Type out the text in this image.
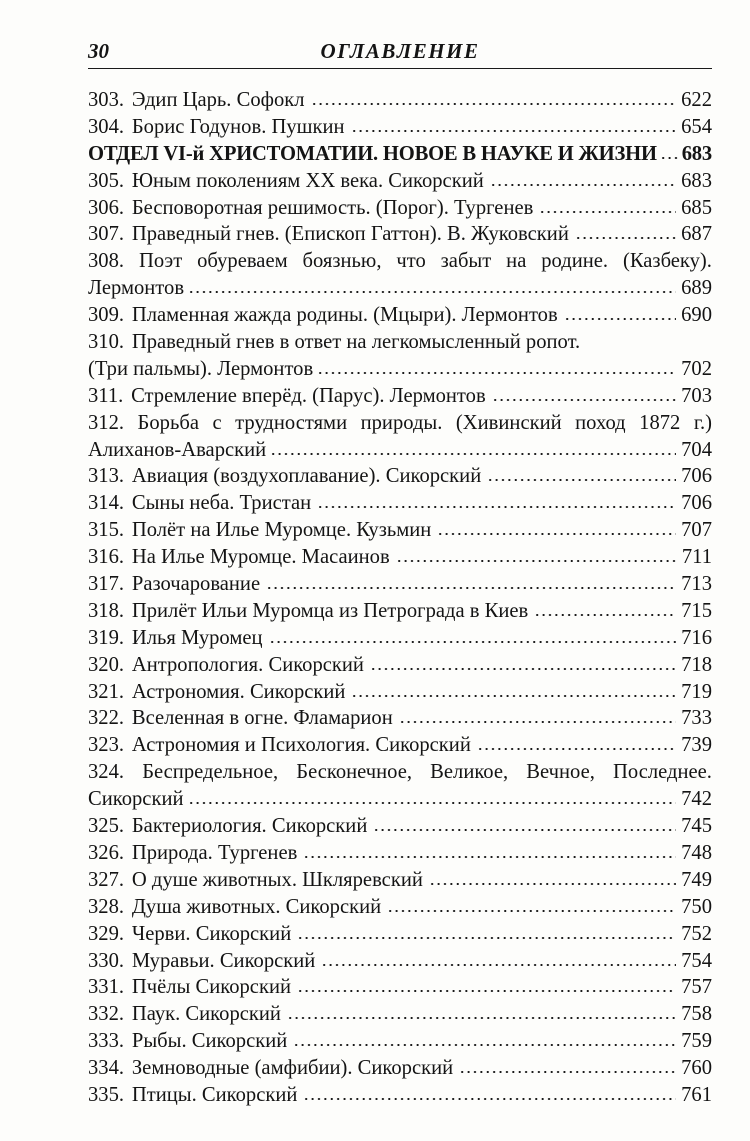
30	ОГЛАВЛЕНИЕ
303. Эдип Царь. Софокл	622
304. Борис Годунов. Пушкин	654
ОТДЕЛ VI-й ХРИСТОМАТИИ. НОВОЕ В НАУКЕ И ЖИЗНИ 683
305. Юным поколениям XX века. Сикорский	683
306. Бесповоротная решимость. (Порог). Тургенев	685
307. Праведный гнев. (Епископ Гаттон). В. Жуковский	687
308. Поэт обуреваем боязнью, что забыт на родине. (Казбеку).
Лермонтов	689
309. Пламенная жажда родины. (Мцыри). Лермонтов	690
310. Праведный гнев в ответ на легкомысленный ропот.
(Три пальмы). Лермонтов	702
311. Стремление вперёд. (Парус). Лермонтов	703
312. Борьба с трудностями природы. (Хивинский поход 1872 г.)
Алиханов-Аварский	704
313. Авиация (воздухоплавание). Сикорский	706
314. Сыны неба. Тристан	706
315. Полёт на Илье Муромце. Кузьмин	707
316. На Илье Муромце. Масаинов	711
317. Разочарование	713
318. Прилёт Ильи Муромца из Петрограда в Киев	715
319. Илья Муромец	716
320. Антропология. Сикорский	718
321. Астрономия. Сикорский	719
322. Вселенная в огне. Фламарион	733
323. Астрономия и Психология. Сикорский	739
324. Беспредельное, Бесконечное, Великое, Вечное, Последнее.
Сикорский	742
325. Бактериология. Сикорский	745
326. Природа. Тургенев	748
327. О душе животных. Шкляревский	749
328. Душа животных. Сикорский	750
329. Черви. Сикорский	752
330. Муравьи. Сикорский	754
331. Пчёлы Сикорский	757
332. Паук. Сикорский	758
333. Рыбы. Сикорский	759
334. Земноводные (амфибии). Сикорский	760
335. Птицы. Сикорский	761
